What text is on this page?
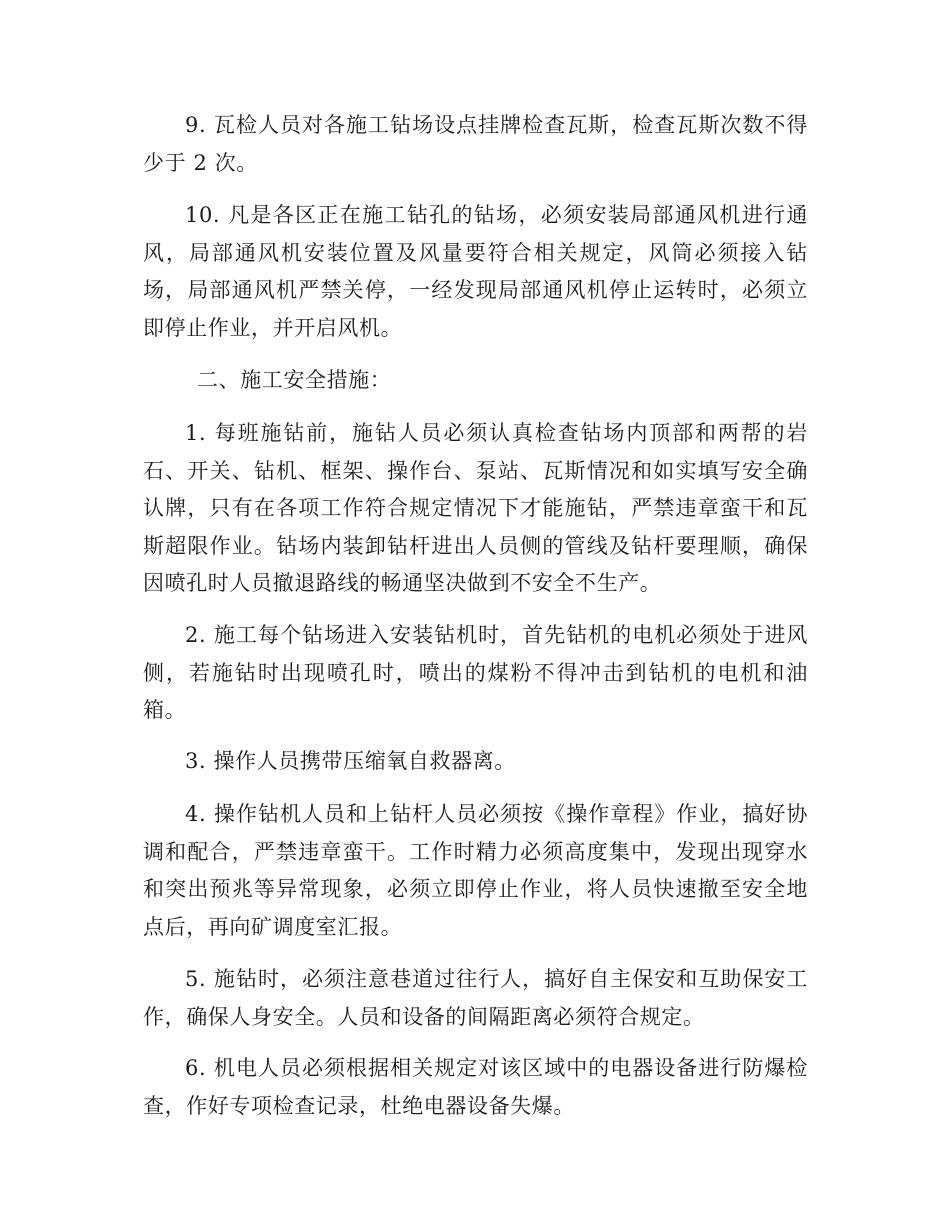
9. 瓦检人员对各施工钻场设点挂牌检查瓦斯，检查瓦斯次数不得少于 2 次。

10. 凡是各区正在施工钻孔的钻场，必须安装局部通风机进行通风，局部通风机安装位置及风量要符合相关规定，风筒必须接入钻场，局部通风机严禁关停，一经发现局部通风机停止运转时，必须立即停止作业，并开启风机。

二、施工安全措施：

1. 每班施钻前，施钻人员必须认真检查钻场内顶部和两帮的岩石、开关、钻机、框架、操作台、泵站、瓦斯情况和如实填写安全确认牌，只有在各项工作符合规定情况下才能施钻，严禁违章蛮干和瓦斯超限作业。钻场内装卸钻杆进出人员侧的管线及钻杆要理顺，确保因喷孔时人员撤退路线的畅通坚决做到不安全不生产。

2. 施工每个钻场进入安装钻机时，首先钻机的电机必须处于进风侧，若施钻时出现喷孔时，喷出的煤粉不得冲击到钻机的电机和油箱。

3. 操作人员携带压缩氧自救器离。

4. 操作钻机人员和上钻杆人员必须按《操作章程》作业，搞好协调和配合，严禁违章蛮干。工作时精力必须高度集中，发现出现穿水和突出预兆等异常现象，必须立即停止作业，将人员快速撤至安全地点后，再向矿调度室汇报。

5. 施钻时，必须注意巷道过往行人，搞好自主保安和互助保安工作，确保人身安全。人员和设备的间隔距离必须符合规定。

6. 机电人员必须根据相关规定对该区域中的电器设备进行防爆检查，作好专项检查记录，杜绝电器设备失爆。
